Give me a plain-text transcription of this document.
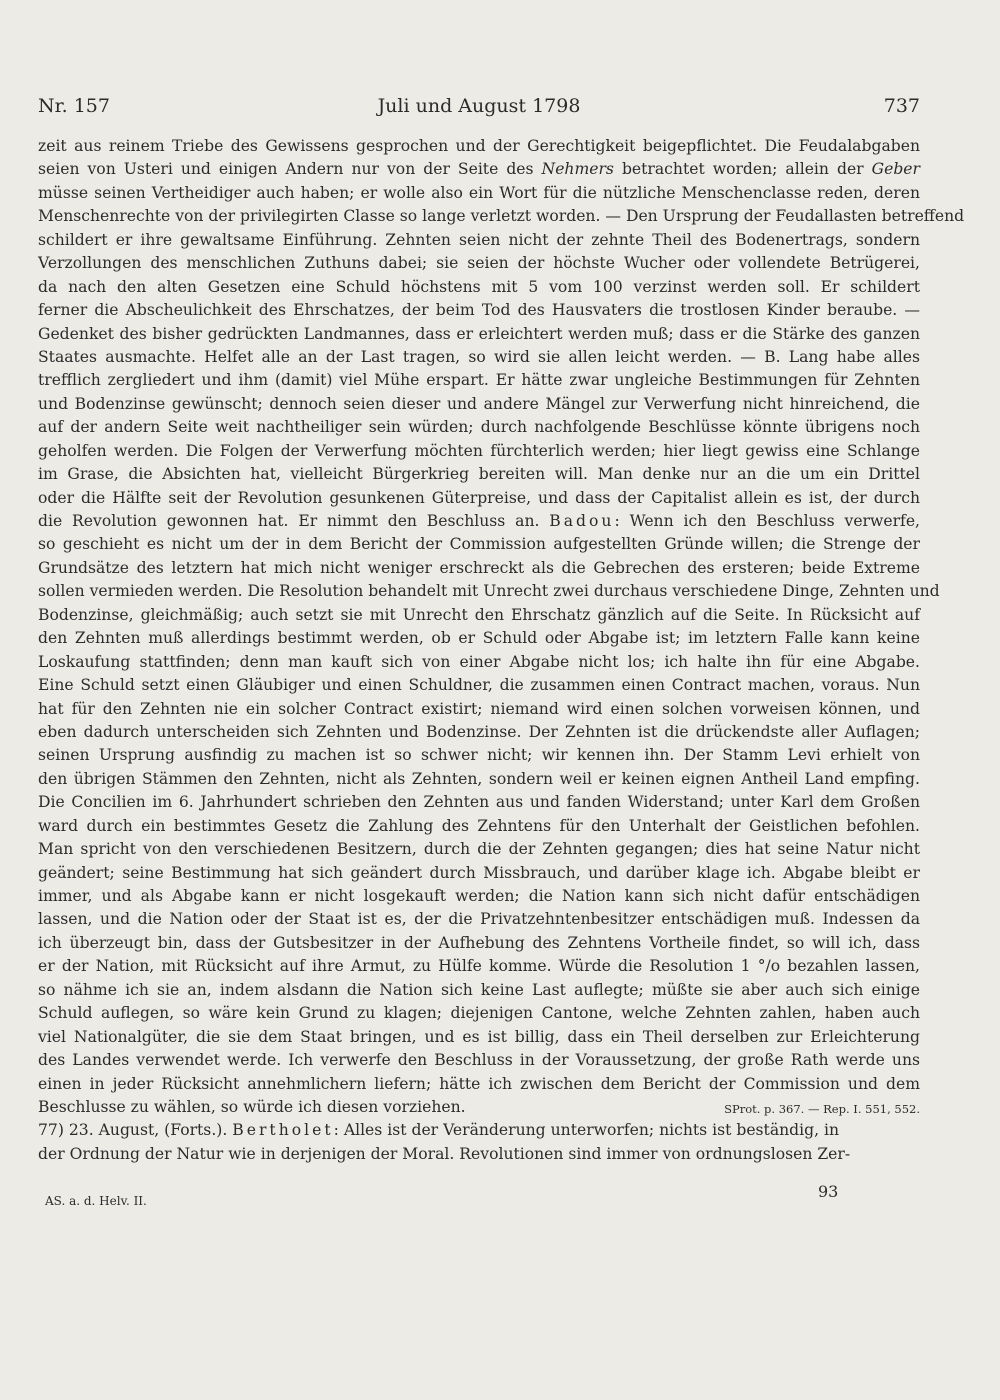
Nr. 157	Juli und August 1798	737
zeit aus reinem Triebe des Gewissens gesprochen und der Gerechtigkeit beigepflichtet. Die Feudalabgaben
seien von Usteri und einigen Andern nur von der Seite des Nehmers betrachtet worden; allein der Geber
müsse seinen Vertheidiger auch haben; er wolle also ein Wort für die nützliche Menschenclasse reden, deren
Menschenrechte von der privilegirten Classe so lange verletzt worden. — Den Ursprung der Feudallasten betreffend
schildert er ihre gewaltsame Einführung. Zehnten seien nicht der zehnte Theil des Bodenertrags, sondern
Verzollungen des menschlichen Zuthuns dabei; sie seien der höchste Wucher oder vollendete Betrügerei,
da nach den alten Gesetzen eine Schuld höchstens mit 5 vom 100 verzinst werden soll. Er schildert
ferner die Abscheulichkeit des Ehrschatzes, der beim Tod des Hausvaters die trostlosen Kinder beraube. —
Gedenket des bisher gedrückten Landmannes, dass er erleichtert werden muß; dass er die Stärke des ganzen
Staates ausmachte. Helfet alle an der Last tragen, so wird sie allen leicht werden. — B. Lang habe alles
trefflich zergliedert und ihm (damit) viel Mühe erspart. Er hätte zwar ungleiche Bestimmungen für Zehnten
und Bodenzinse gewünscht; dennoch seien dieser und andere Mängel zur Verwerfung nicht hinreichend, die
auf der andern Seite weit nachtheiliger sein würden; durch nachfolgende Beschlüsse könnte übrigens noch
geholfen werden. Die Folgen der Verwerfung möchten fürchterlich werden; hier liegt gewiss eine Schlange
im Grase, die Absichten hat, vielleicht Bürgerkrieg bereiten will. Man denke nur an die um ein Drittel
oder die Hälfte seit der Revolution gesunkenen Güterpreise, und dass der Capitalist allein es ist, der durch
die Revolution gewonnen hat. Er nimmt den Beschluss an. Badou: Wenn ich den Beschluss verwerfe,
so geschieht es nicht um der in dem Bericht der Commission aufgestellten Gründe willen; die Strenge der
Grundsätze des letztern hat mich nicht weniger erschreckt als die Gebrechen des ersteren; beide Extreme
sollen vermieden werden. Die Resolution behandelt mit Unrecht zwei durchaus verschiedene Dinge, Zehnten und
Bodenzinse, gleichmäßig; auch setzt sie mit Unrecht den Ehrschatz gänzlich auf die Seite. In Rücksicht auf
den Zehnten muß allerdings bestimmt werden, ob er Schuld oder Abgabe ist; im letztern Falle kann keine
Loskaufung stattfinden; denn man kauft sich von einer Abgabe nicht los; ich halte ihn für eine Abgabe.
Eine Schuld setzt einen Gläubiger und einen Schuldner, die zusammen einen Contract machen, voraus. Nun
hat für den Zehnten nie ein solcher Contract existirt; niemand wird einen solchen vorweisen können, und
eben dadurch unterscheiden sich Zehnten und Bodenzinse. Der Zehnten ist die drückendste aller Auflagen;
seinen Ursprung ausfindig zu machen ist so schwer nicht; wir kennen ihn. Der Stamm Levi erhielt von
den übrigen Stämmen den Zehnten, nicht als Zehnten, sondern weil er keinen eignen Antheil Land empfing.
Die Concilien im 6. Jahrhundert schrieben den Zehnten aus und fanden Widerstand; unter Karl dem Großen
ward durch ein bestimmtes Gesetz die Zahlung des Zehntens für den Unterhalt der Geistlichen befohlen.
Man spricht von den verschiedenen Besitzern, durch die der Zehnten gegangen; dies hat seine Natur nicht
geändert; seine Bestimmung hat sich geändert durch Missbrauch, und darüber klage ich. Abgabe bleibt er
immer, und als Abgabe kann er nicht losgekauft werden; die Nation kann sich nicht dafür entschädigen
lassen, und die Nation oder der Staat ist es, der die Privatzehntenbesitzer entschädigen muß. Indessen da
ich überzeugt bin, dass der Gutsbesitzer in der Aufhebung des Zehntens Vortheile findet, so will ich, dass
er der Nation, mit Rücksicht auf ihre Armut, zu Hülfe komme. Würde die Resolution 1 °/o bezahlen lassen,
so nähme ich sie an, indem alsdann die Nation sich keine Last auflegte; müßte sie aber auch sich einige
Schuld auflegen, so wäre kein Grund zu klagen; diejenigen Cantone, welche Zehnten zahlen, haben auch
viel Nationalgüter, die sie dem Staat bringen, und es ist billig, dass ein Theil derselben zur Erleichterung
des Landes verwendet werde. Ich verwerfe den Beschluss in der Voraussetzung, der große Rath werde uns
einen in jeder Rücksicht annehmlichern liefern; hätte ich zwischen dem Bericht der Commission und dem
Beschlusse zu wählen, so würde ich diesen vorziehen.	SProt. p. 367. — Rep. I. 551, 552.
77) 23. August, (Forts.). Bertholet: Alles ist der Veränderung unterworfen; nichts ist beständig, in
der Ordnung der Natur wie in derjenigen der Moral. Revolutionen sind immer von ordnungslosen Zer-
AS. a. d. Helv. II.	93
